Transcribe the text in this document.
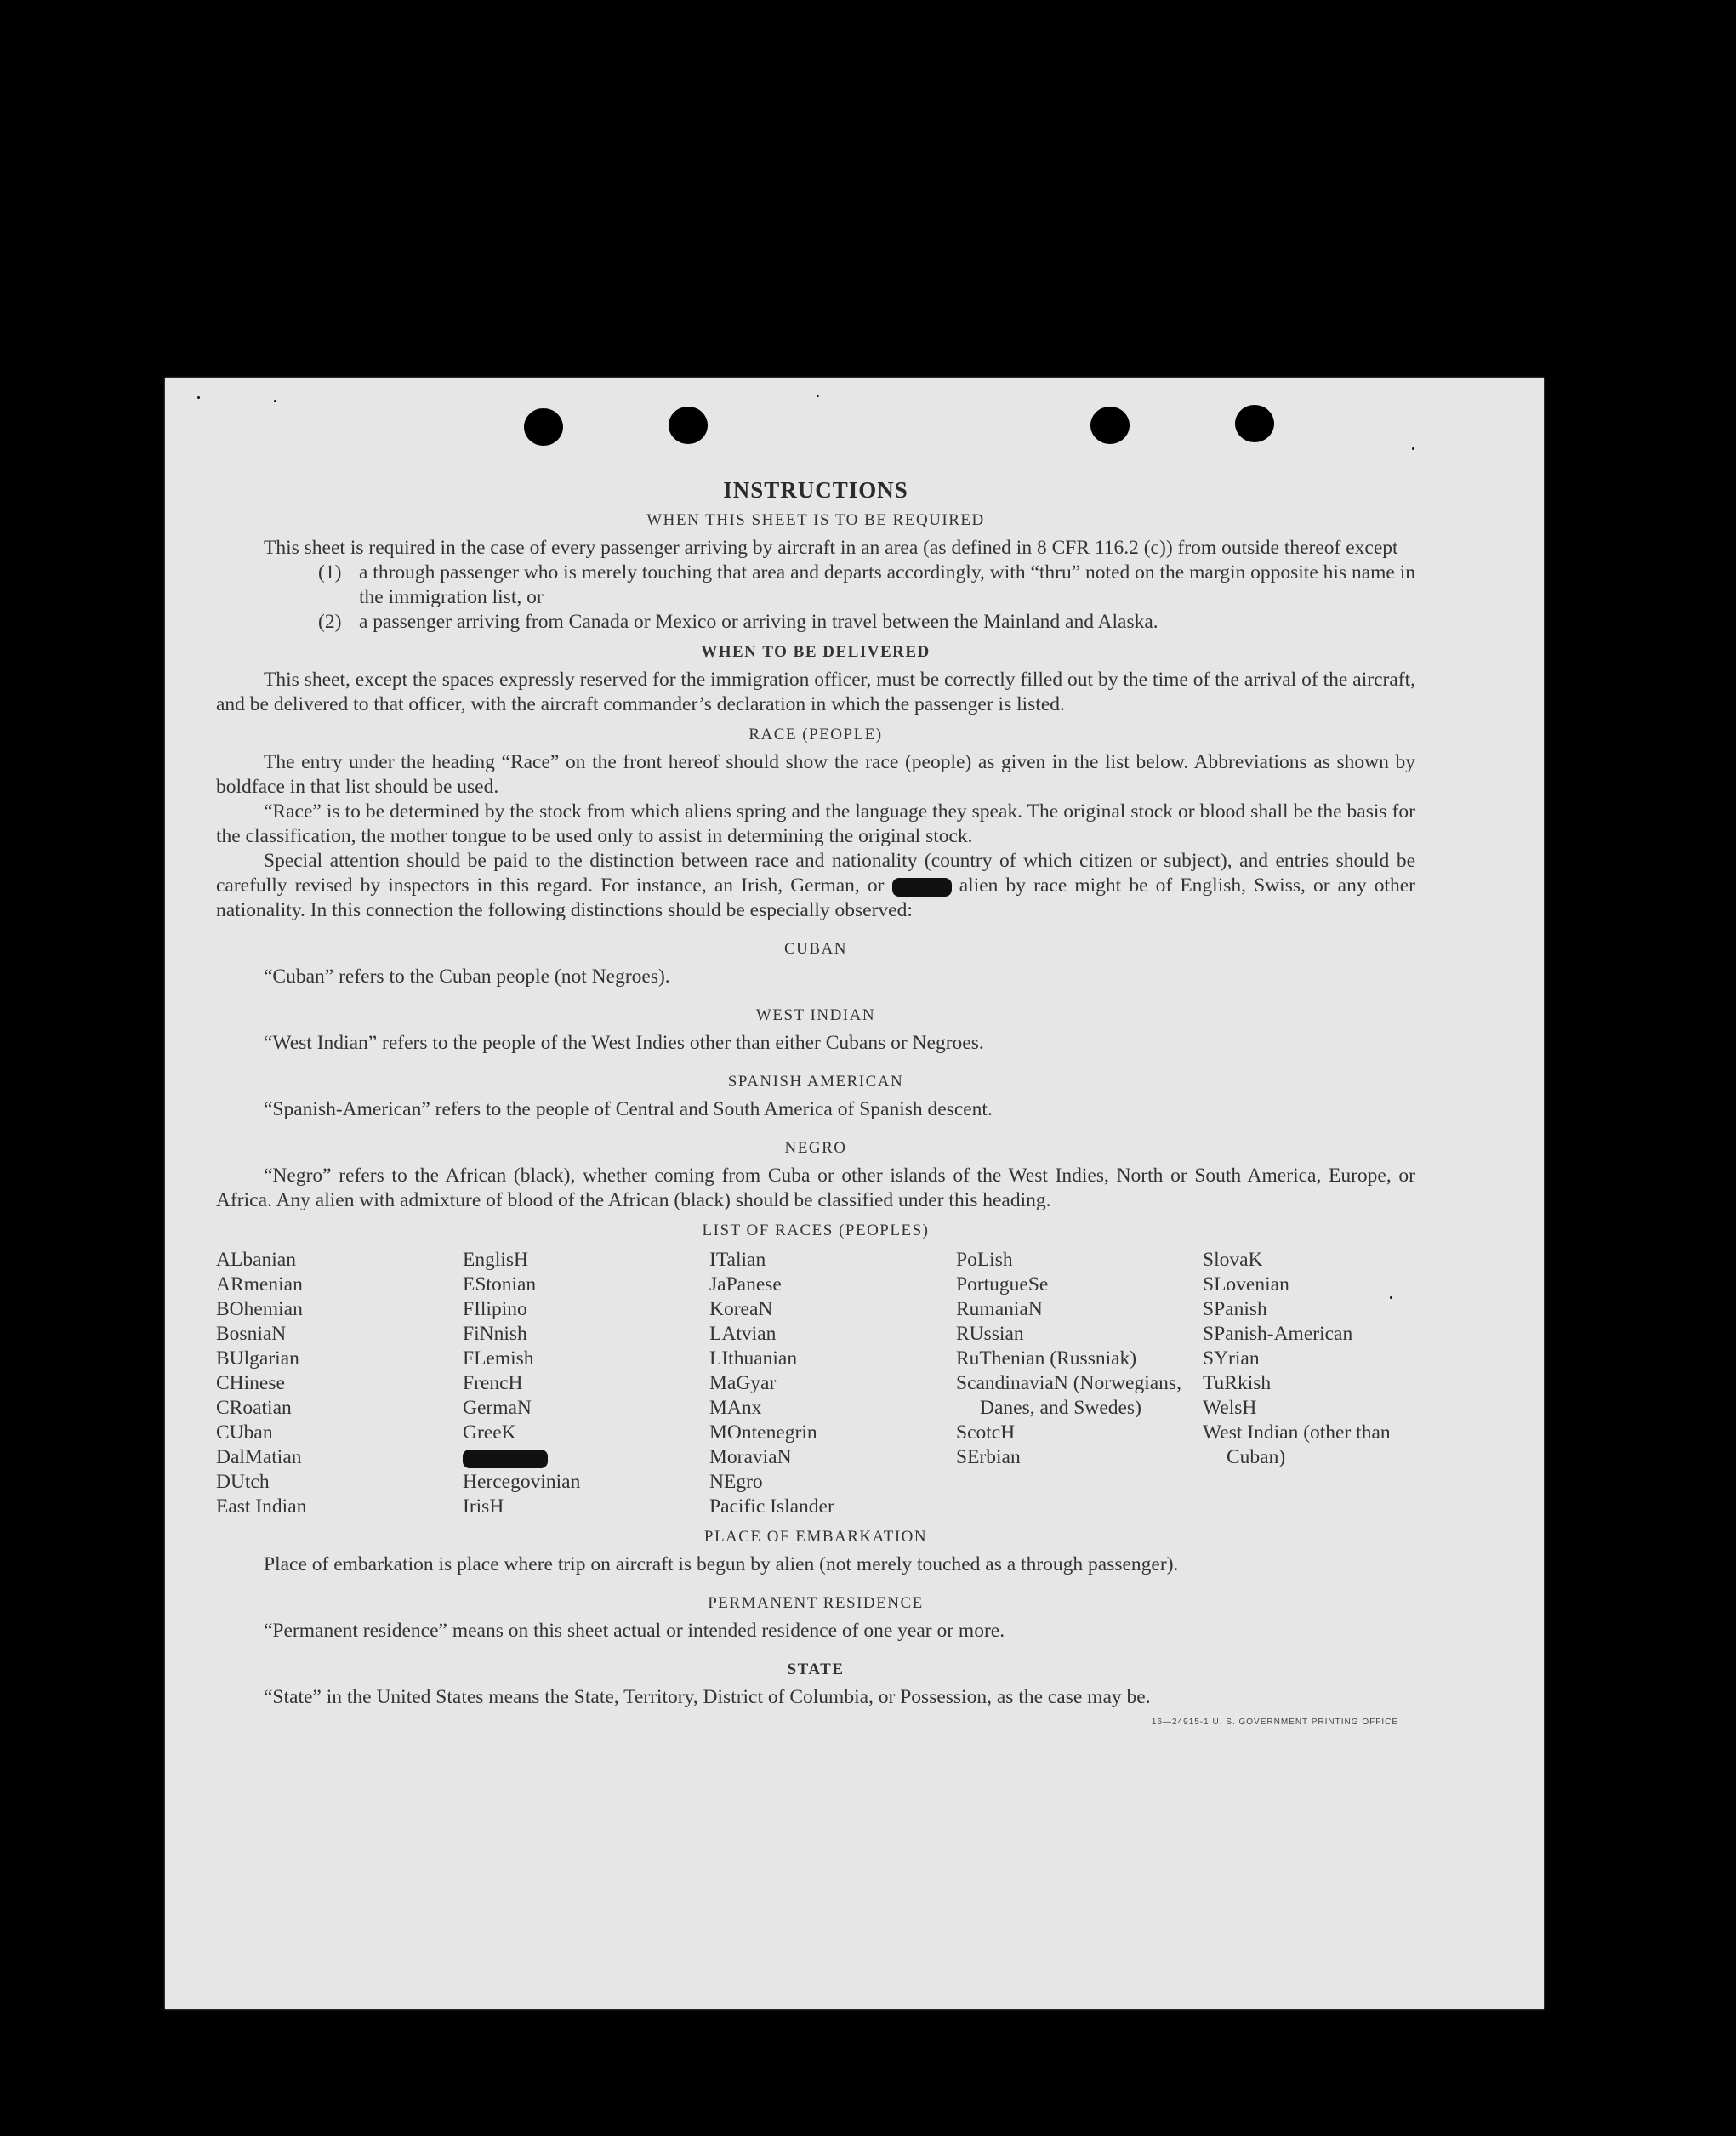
INSTRUCTIONS
WHEN THIS SHEET IS TO BE REQUIRED

This sheet is required in the case of every passenger arriving by aircraft in an area (as defined in 8 CFR 116.2 (c)) from outside thereof except

(1) a through passenger who is merely touching that area and departs accordingly, with “thru” noted on the margin opposite his name in the immigration list, or
(2) a passenger arriving from Canada or Mexico or arriving in travel between the Mainland and Alaska.
WHEN TO BE DELIVERED

This sheet, except the spaces expressly reserved for the immigration officer, must be correctly filled out by the time of the arrival of the aircraft, and be delivered to that officer, with the aircraft commander’s declaration in which the passenger is listed.

RACE (PEOPLE)

The entry under the heading “Race” on the front hereof should show the race (people) as given in the list below. Abbreviations as shown by boldface in that list should be used.

“Race” is to be determined by the stock from which aliens spring and the language they speak. The original stock or blood shall be the basis for the classification, the mother tongue to be used only to assist in determining the original stock.

Special attention should be paid to the distinction between race and nationality (country of which citizen or subject), and entries should be carefully revised by inspectors in this regard. For instance, an Irish, German, or	alien by race might be of English, Swiss, or any other nationality. In this connection the following distinctions should be especially observed:

CUBAN

“Cuban” refers to the Cuban people (not Negroes).

WEST INDIAN

“West Indian” refers to the people of the West Indies other than either Cubans or Negroes.

SPANISH AMERICAN

“Spanish-American” refers to the people of Central and South America of Spanish descent.

NEGRO

“Negro” refers to the African (black), whether coming from Cuba or other islands of the West Indies, North or South America, Europe, or Africa. Any alien with admixture of blood of the African (black) should be classified under this heading.

LIST OF RACES (PEOPLES)
ALbanian
ARmenian
BOhemian
BosniaN
BUlgarian
CHinese
CRoatian
CUban
DalMatian
DUtch
East Indian
EnglisH
EStonian
FIlipino
FiNnish
FLemish
FrencH
GermaN
GreeK
Hercegovinian
IrisH
ITalian
JaPanese
KoreaN
LAtvian
LIthuanian
MaGyar
MAnx
MOntenegrin
MoraviaN
NEgro
Pacific Islander
PoLish
PortugueSe
RumaniaN
RUssian
RuThenian (Russniak)
ScandinaviaN (Norwegians, Danes, and Swedes)
ScotcH
SErbian
SlovaK
SLovenian
SPanish
SPanish-American
SYrian
TuRkish
WelsH
West Indian (other than Cuban)
PLACE OF EMBARKATION

Place of embarkation is place where trip on aircraft is begun by alien (not merely touched as a through passenger).

PERMANENT RESIDENCE

“Permanent residence” means on this sheet actual or intended residence of one year or more.

STATE

“State” in the United States means the State, Territory, District of Columbia, or Possession, as the case may be.

16—24915-1 U. S. GOVERNMENT PRINTING OFFICE
